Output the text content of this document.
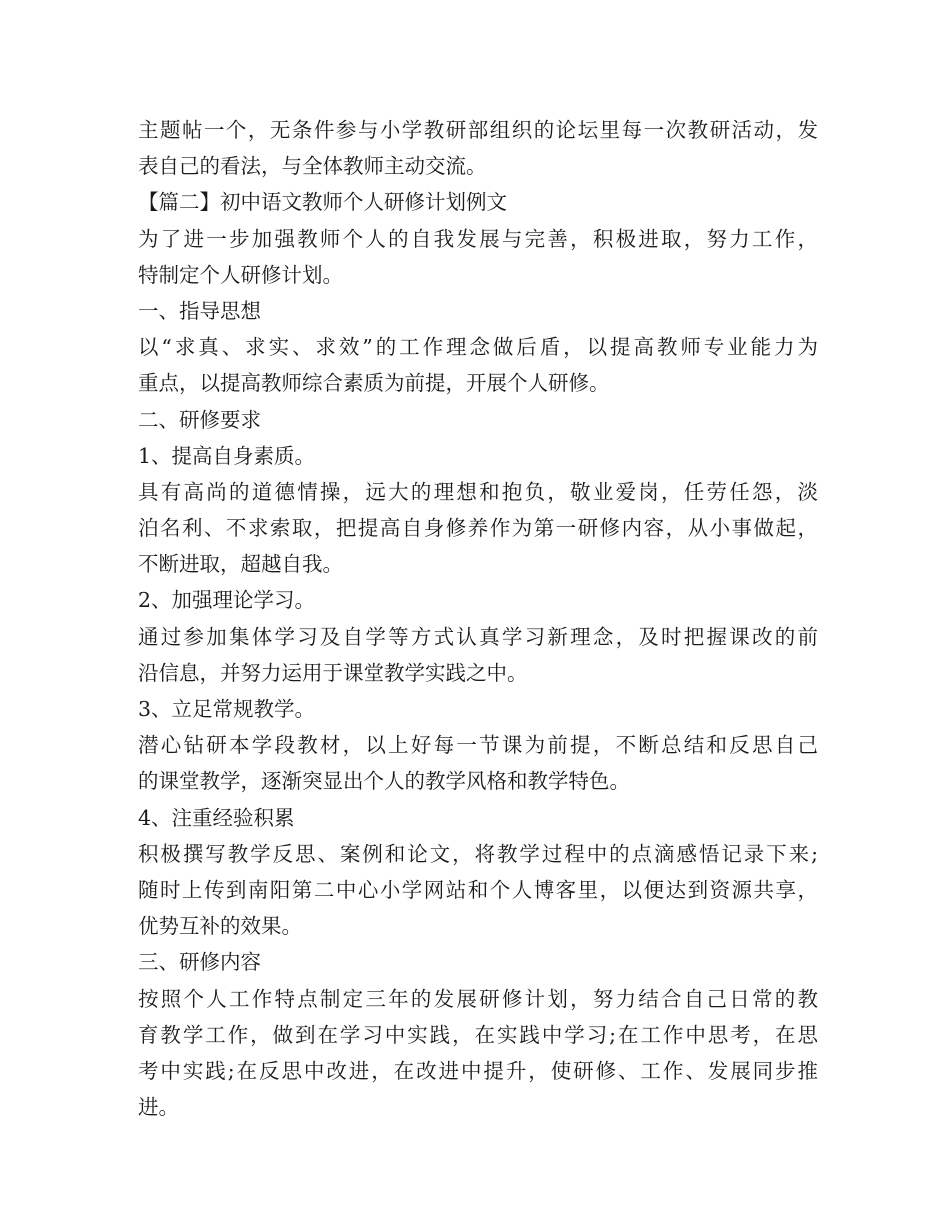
主题帖一个，无条件参与小学教研部组织的论坛里每一次教研活动，发
表自己的看法，与全体教师主动交流。
【篇二】初中语文教师个人研修计划例文
为了进一步加强教师个人的自我发展与完善，积极进取，努力工作，
特制定个人研修计划。
一、指导思想
以“求真、求实、求效”的工作理念做后盾，以提高教师专业能力为
重点，以提高教师综合素质为前提，开展个人研修。
二、研修要求
1、提高自身素质。
具有高尚的道德情操，远大的理想和抱负，敬业爱岗，任劳任怨，淡
泊名利、不求索取，把提高自身修养作为第一研修内容，从小事做起，
不断进取，超越自我。
2、加强理论学习。
通过参加集体学习及自学等方式认真学习新理念，及时把握课改的前
沿信息，并努力运用于课堂教学实践之中。
3、立足常规教学。
潜心钻研本学段教材，以上好每一节课为前提，不断总结和反思自己
的课堂教学，逐渐突显出个人的教学风格和教学特色。
4、注重经验积累
积极撰写教学反思、案例和论文，将教学过程中的点滴感悟记录下来;
随时上传到南阳第二中心小学网站和个人博客里，以便达到资源共享，
优势互补的效果。
三、研修内容
按照个人工作特点制定三年的发展研修计划，努力结合自己日常的教
育教学工作，做到在学习中实践，在实践中学习;在工作中思考，在思
考中实践;在反思中改进，在改进中提升，使研修、工作、发展同步推
进。
